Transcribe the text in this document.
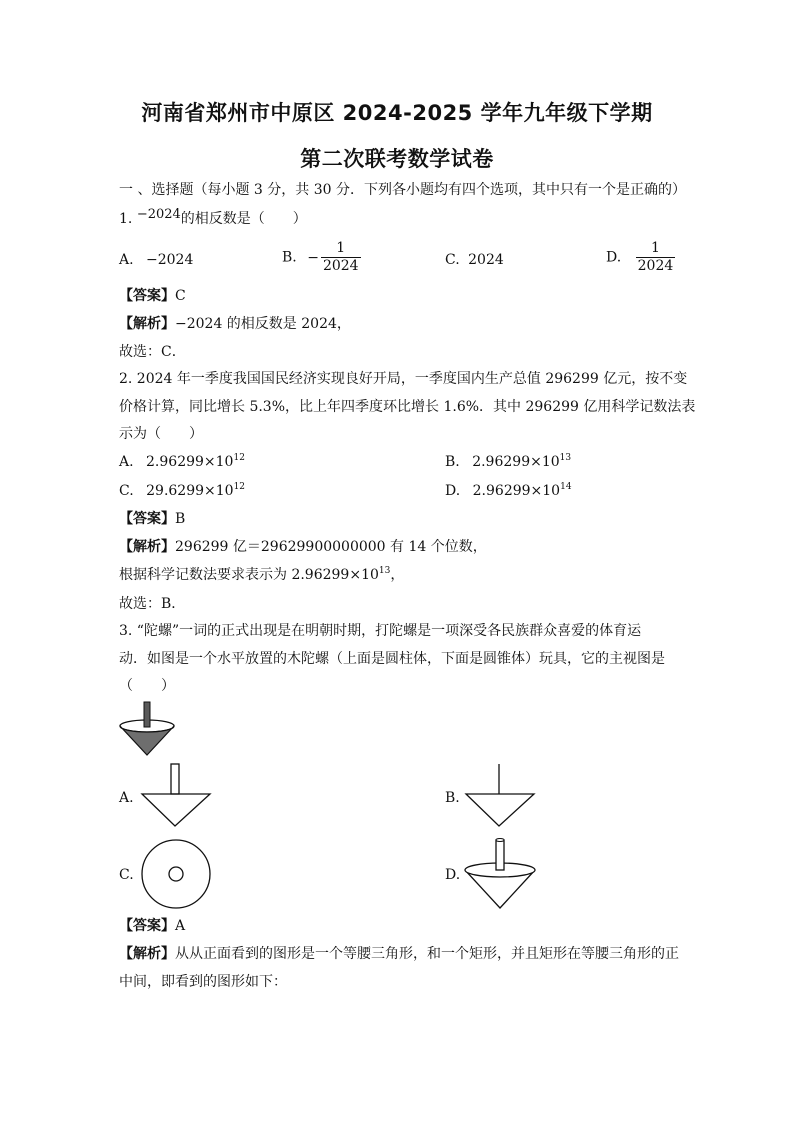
河南省郑州市中原区 2024-2025 学年九年级下学期
第二次联考数学试卷
一 、选择题（每小题 3 分，共 30 分．下列各小题均有四个选项，其中只有一个是正确的）
1. $^{-2024}$的相反数是（　　）
A. −2024	B. − $\frac{1}{2024}$	C. 2024	D. $\frac{1}{2024}$
【答案】C
【解析】−2024 的相反数是 2024，
故选：C．
2. 2024 年一季度我国国民经济实现良好开局，一季度国内生产总值 296299 亿元，按不变
价格计算，同比增长 5.3%，比上年四季度环比增长 1.6%．其中 296299 亿用科学记数法表
示为（　　）
A. $2.96299\times 10^{12}$	B. $2.96299\times 10^{13}$
C. $29.6299\times 10^{12}$	D. $2.96299\times 10^{14}$
【答案】B
【解析】296299 亿＝29629900000000 有 14 个位数，
根据科学记数法要求表示为 $2.96299\times 10^{13}$，
故选：B．
3. “陀螺”一词的正式出现是在明朝时期，打陀螺是一项深受各民族群众喜爱的体育运
动．如图是一个水平放置的木陀螺（上面是圆柱体，下面是圆锥体）玩具，它的主视图是
（　　）
A.	B.
C.	D.
【答案】A
【解析】从从正面看到的图形是一个等腰三角形，和一个矩形，并且矩形在等腰三角形的正
中间，即看到的图形如下：
